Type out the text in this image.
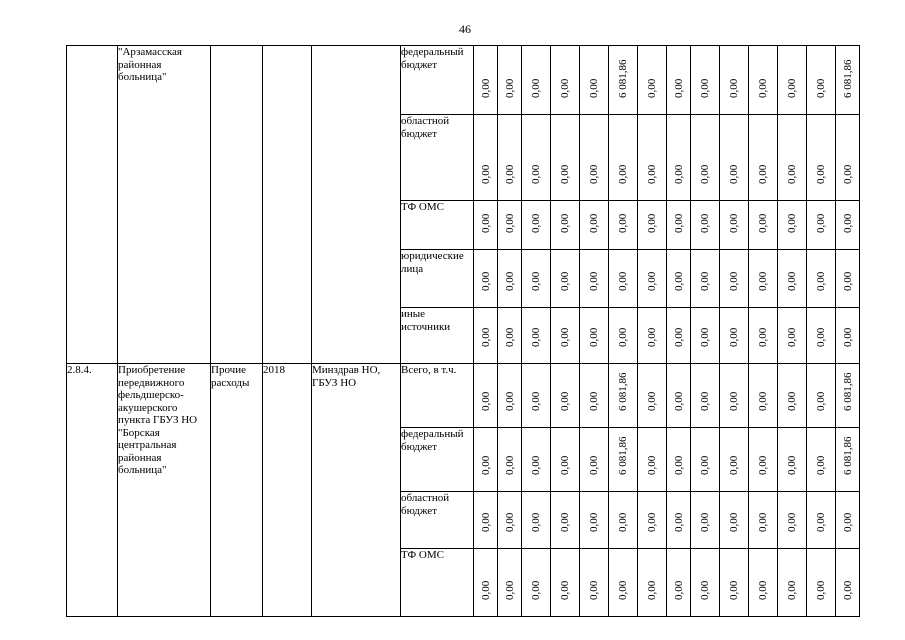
46
	"Арзамасская районная больница"				федеральный бюджет	0,00	0,00	0,00	0,00	0,00	6 081,86	0,00	0,00	0,00	0,00	0,00	0,00	0,00	6 081,86

					областной бюджет	0,00	0,00	0,00	0,00	0,00	0,00	0,00	0,00	0,00	0,00	0,00	0,00	0,00	0,00

					ТФ ОМС	0,00	0,00	0,00	0,00	0,00	0,00	0,00	0,00	0,00	0,00	0,00	0,00	0,00	0,00

					юридические лица	0,00	0,00	0,00	0,00	0,00	0,00	0,00	0,00	0,00	0,00	0,00	0,00	0,00	0,00

					иные источники	0,00	0,00	0,00	0,00	0,00	0,00	0,00	0,00	0,00	0,00	0,00	0,00	0,00	0,00

2.8.4.	Приобретение передвижного фельдшерско-акушерского пункта ГБУЗ НО "Борская центральная районная больница"	Прочие расходы	2018	Минздрав НО, ГБУЗ НО	Всего, в т.ч.	0,00	0,00	0,00	0,00	0,00	6 081,86	0,00	0,00	0,00	0,00	0,00	0,00	0,00	6 081,86

					федеральный бюджет	0,00	0,00	0,00	0,00	0,00	6 081,86	0,00	0,00	0,00	0,00	0,00	0,00	0,00	6 081,86

					областной бюджет	0,00	0,00	0,00	0,00	0,00	0,00	0,00	0,00	0,00	0,00	0,00	0,00	0,00	0,00

					ТФ ОМС	0,00	0,00	0,00	0,00	0,00	0,00	0,00	0,00	0,00	0,00	0,00	0,00	0,00	0,00
